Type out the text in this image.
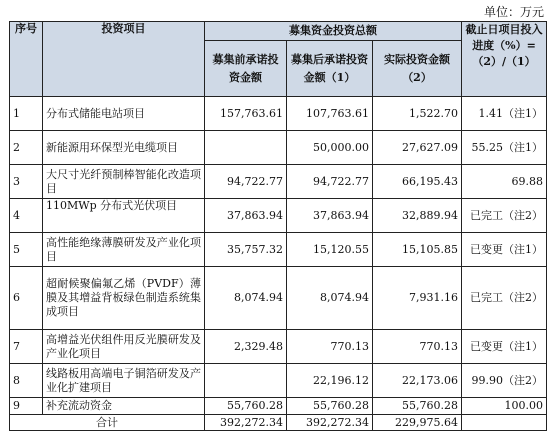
单位：万元
序号	投资项目	募集资金投资总额			截止日项目投入进度（%）=（2）/（1）
		募集前承诺投资金额	募集后承诺投资金额（1）	实际投资金额（2）	
1	分布式储能电站项目	157,763.61	107,763.61	1,522.70	1.41（注1）
2	新能源用环保型光电缆项目		50,000.00	27,627.09	55.25（注1）
3	大尺寸光纤预制棒智能化改造项目	94,722.77	94,722.77	66,195.43	69.88
4	110MWp 分布式光伏项目	37,863.94	37,863.94	32,889.94	已完工（注2）
5	高性能绝缘薄膜研发及产业化项目	35,757.32	15,120.55	15,105.85	已变更（注1）
6	超耐候聚偏氟乙烯（PVDF）薄膜及其增益背板绿色制造系统集成项目	8,074.94	8,074.94	7,931.16	已完工（注2）
7	高增益光伏组件用反光膜研发及产业化项目	2,329.48	770.13	770.13	已变更（注1）
8	线路板用高端电子铜箔研发及产业化扩建项目		22,196.12	22,173.06	99.90（注2）
9	补充流动资金	55,760.28	55,760.28	55,760.28	100.00
合计		392,272.34	392,272.34	229,975.64	
